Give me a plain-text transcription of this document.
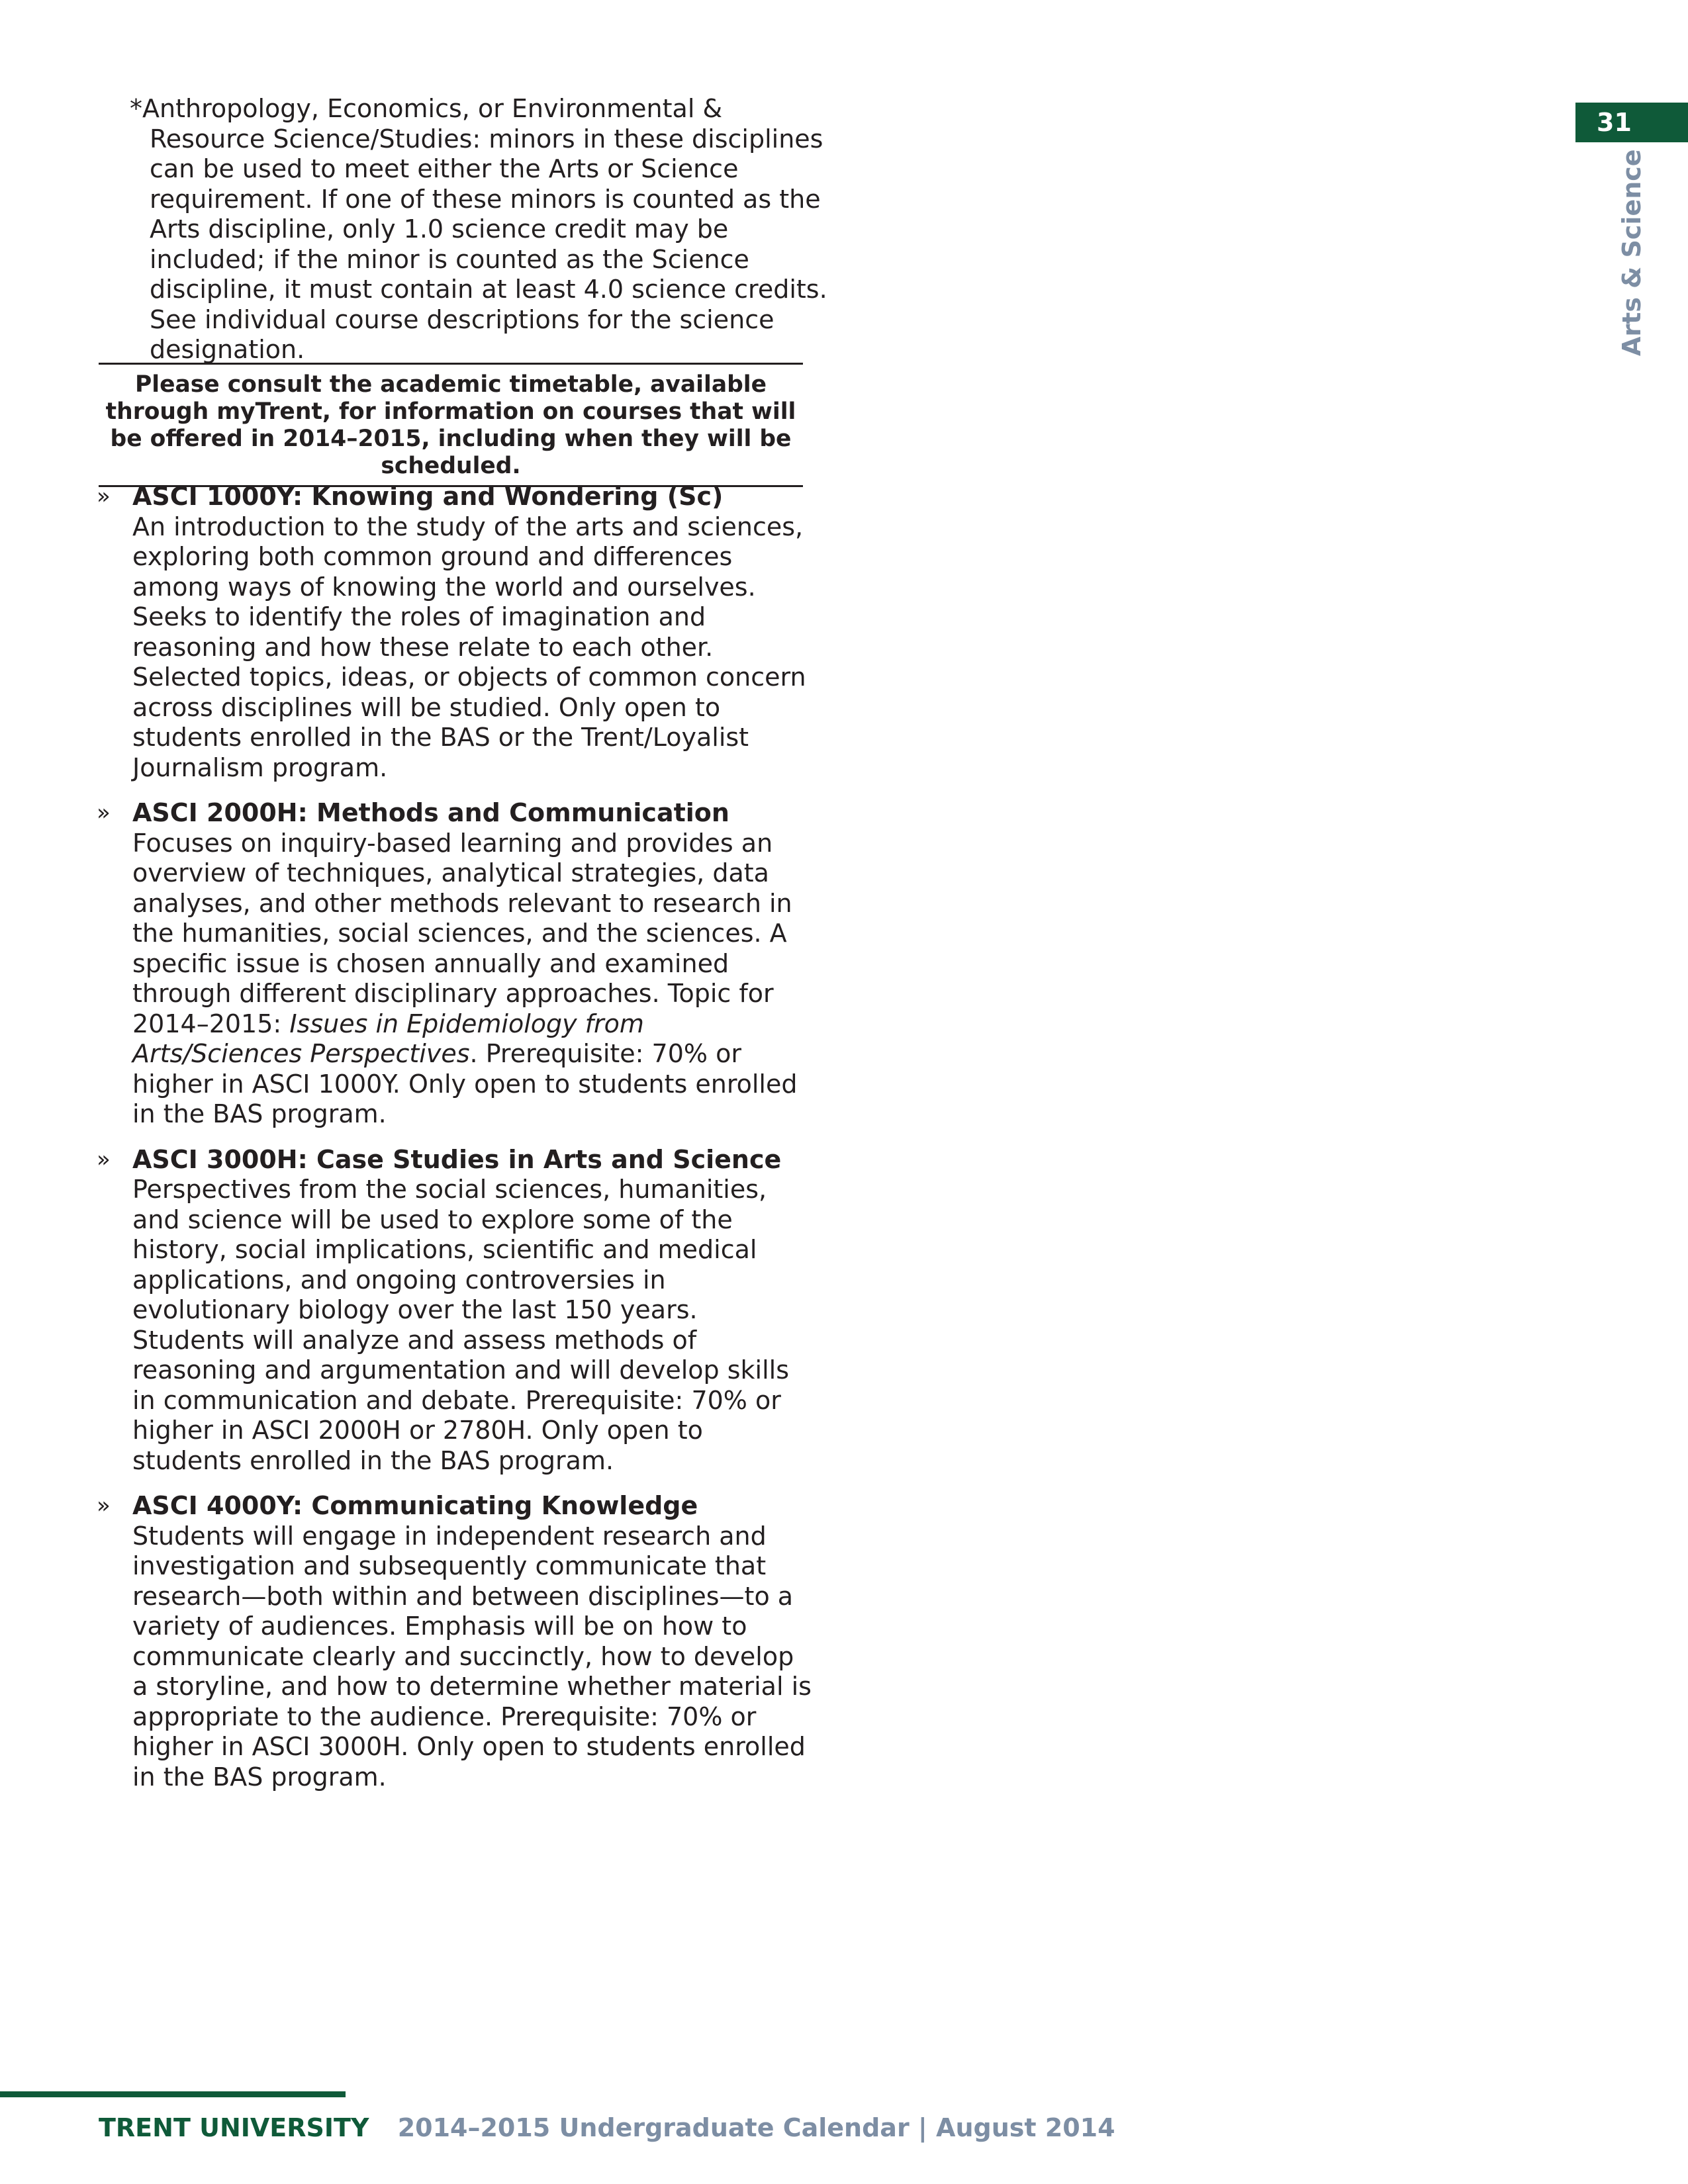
*Anthropology, Economics, or Environmental & Resource Science/Studies: minors in these disciplines can be used to meet either the Arts or Science requirement. If one of these minors is counted as the Arts discipline, only 1.0 science credit may be included; if the minor is counted as the Science discipline, it must contain at least 4.0 science credits. See individual course descriptions for the science designation.
Please consult the academic timetable, available through myTrent, for information on courses that will be offered in 2014–2015, including when they will be scheduled.
» ASCI 1000Y: Knowing and Wondering (Sc)
An introduction to the study of the arts and sciences, exploring both common ground and differences among ways of knowing the world and ourselves. Seeks to identify the roles of imagination and reasoning and how these relate to each other. Selected topics, ideas, or objects of common concern across disciplines will be studied. Only open to students enrolled in the BAS or the Trent/Loyalist Journalism program.
» ASCI 2000H: Methods and Communication
Focuses on inquiry-based learning and provides an overview of techniques, analytical strategies, data analyses, and other methods relevant to research in the humanities, social sciences, and the sciences. A specific issue is chosen annually and examined through different disciplinary approaches. Topic for 2014–2015: Issues in Epidemiology from Arts/Sciences Perspectives. Prerequisite: 70% or higher in ASCI 1000Y. Only open to students enrolled in the BAS program.
» ASCI 3000H: Case Studies in Arts and Science
Perspectives from the social sciences, humanities, and science will be used to explore some of the history, social implications, scientific and medical applications, and ongoing controversies in evolutionary biology over the last 150 years. Students will analyze and assess methods of reasoning and argumentation and will develop skills in communication and debate. Prerequisite: 70% or higher in ASCI 2000H or 2780H. Only open to students enrolled in the BAS program.
» ASCI 4000Y: Communicating Knowledge
Students will engage in independent research and investigation and subsequently communicate that research—both within and between disciplines—to a variety of audiences. Emphasis will be on how to communicate clearly and succinctly, how to develop a storyline, and how to determine whether material is appropriate to the audience. Prerequisite: 70% or higher in ASCI 3000H. Only open to students enrolled in the BAS program.
31
Arts & Science
TRENT UNIVERSITY 2014–2015 Undergraduate Calendar | August 2014
